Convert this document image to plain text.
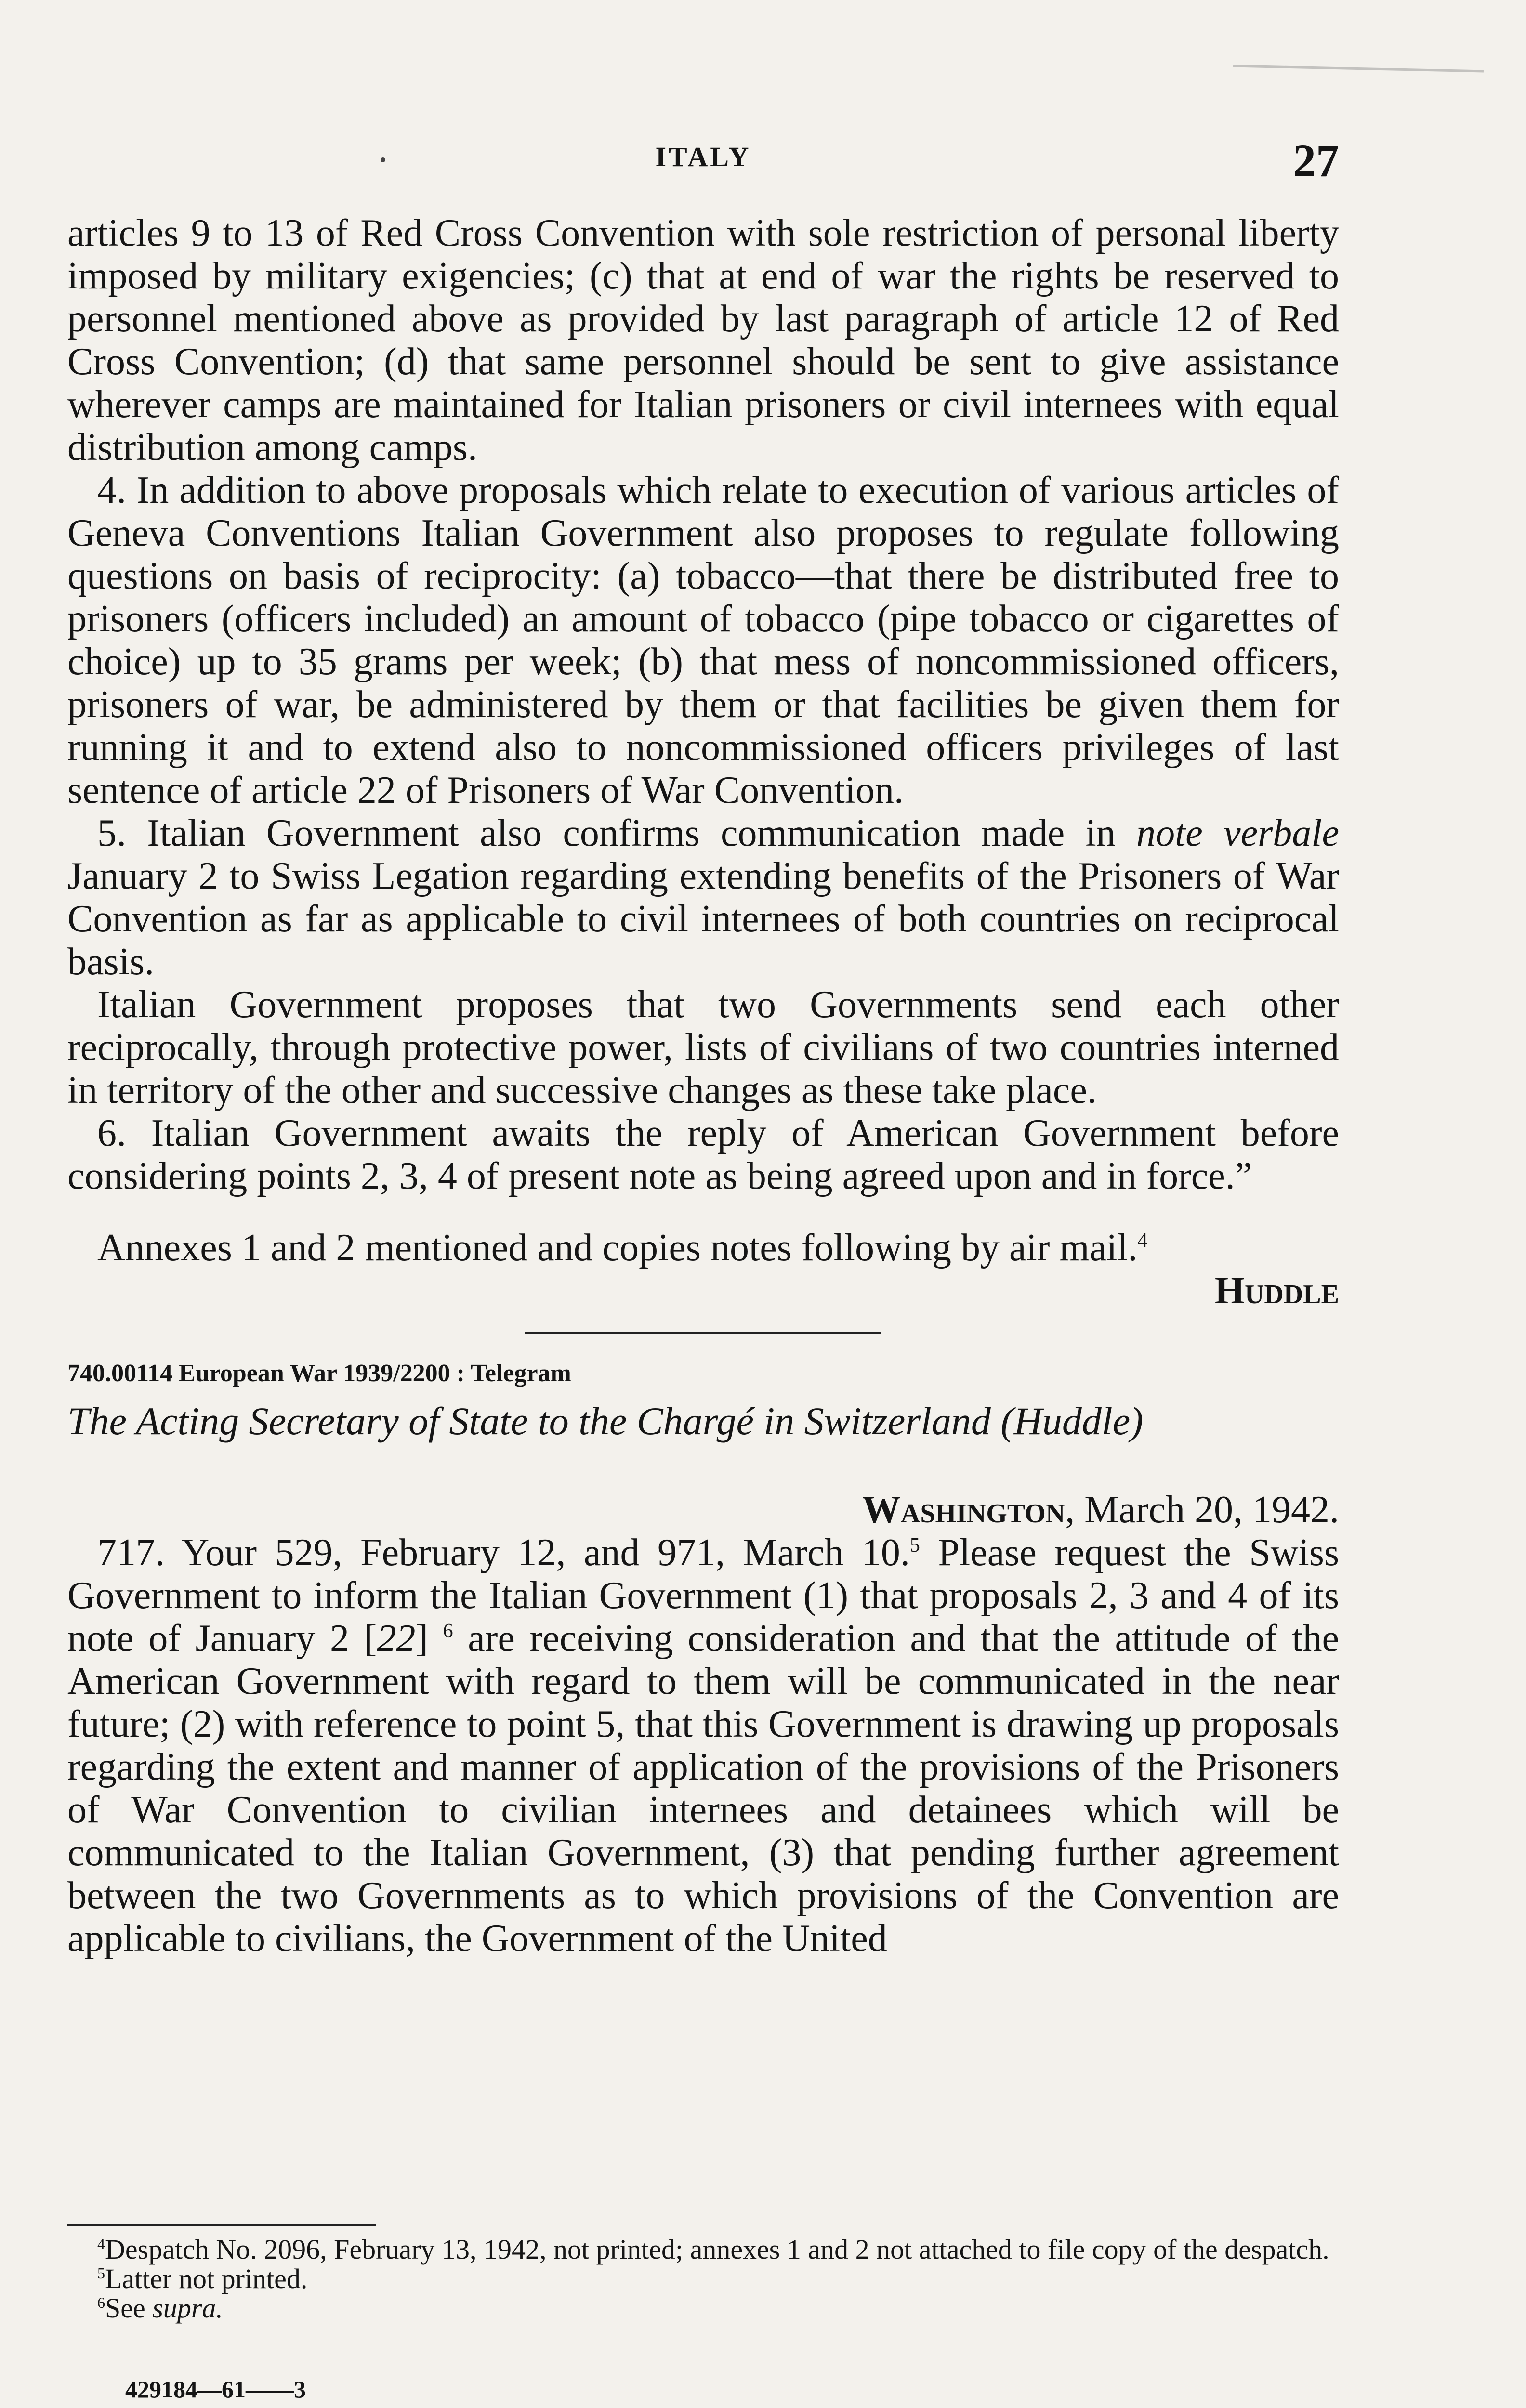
ITALY	27

articles 9 to 13 of Red Cross Convention with sole restriction of personal liberty imposed by military exigencies; (c) that at end of war the rights be reserved to personnel mentioned above as provided by last paragraph of article 12 of Red Cross Convention; (d) that same personnel should be sent to give assistance wherever camps are maintained for Italian prisoners or civil internees with equal distribution among camps.

4. In addition to above proposals which relate to execution of various articles of Geneva Conventions Italian Government also proposes to regulate following questions on basis of reciprocity: (a) tobacco—that there be distributed free to prisoners (officers included) an amount of tobacco (pipe tobacco or cigarettes of choice) up to 35 grams per week; (b) that mess of noncommissioned officers, prisoners of war, be administered by them or that facilities be given them for running it and to extend also to noncommissioned officers privileges of last sentence of article 22 of Prisoners of War Convention.

5. Italian Government also confirms communication made in note verbale January 2 to Swiss Legation regarding extending benefits of the Prisoners of War Convention as far as applicable to civil internees of both countries on reciprocal basis.

Italian Government proposes that two Governments send each other reciprocally, through protective power, lists of civilians of two countries interned in territory of the other and successive changes as these take place.

6. Italian Government awaits the reply of American Government before considering points 2, 3, 4 of present note as being agreed upon and in force.”

Annexes 1 and 2 mentioned and copies notes following by air mail.$^4$

Huddle

740.00114 European War 1939/2200 : Telegram

The Acting Secretary of State to the Chargé in Switzerland (Huddle)

Washington, March 20, 1942.

717. Your 529, February 12, and 971, March 10.$^5$ Please request the Swiss Government to inform the Italian Government (1) that proposals 2, 3 and 4 of its note of January 2 [22] $^6$ are receiving consideration and that the attitude of the American Government with regard to them will be communicated in the near future; (2) with reference to point 5, that this Government is drawing up proposals regarding the extent and manner of application of the provisions of the Prisoners of War Convention to civilian internees and detainees which will be communicated to the Italian Government, (3) that pending further agreement between the two Governments as to which provisions of the Convention are applicable to civilians, the Government of the United

$^4$Despatch No. 2096, February 13, 1942, not printed; annexes 1 and 2 not attached to file copy of the despatch.

$^5$Latter not printed.

$^6$See supra.

429184—61——3
